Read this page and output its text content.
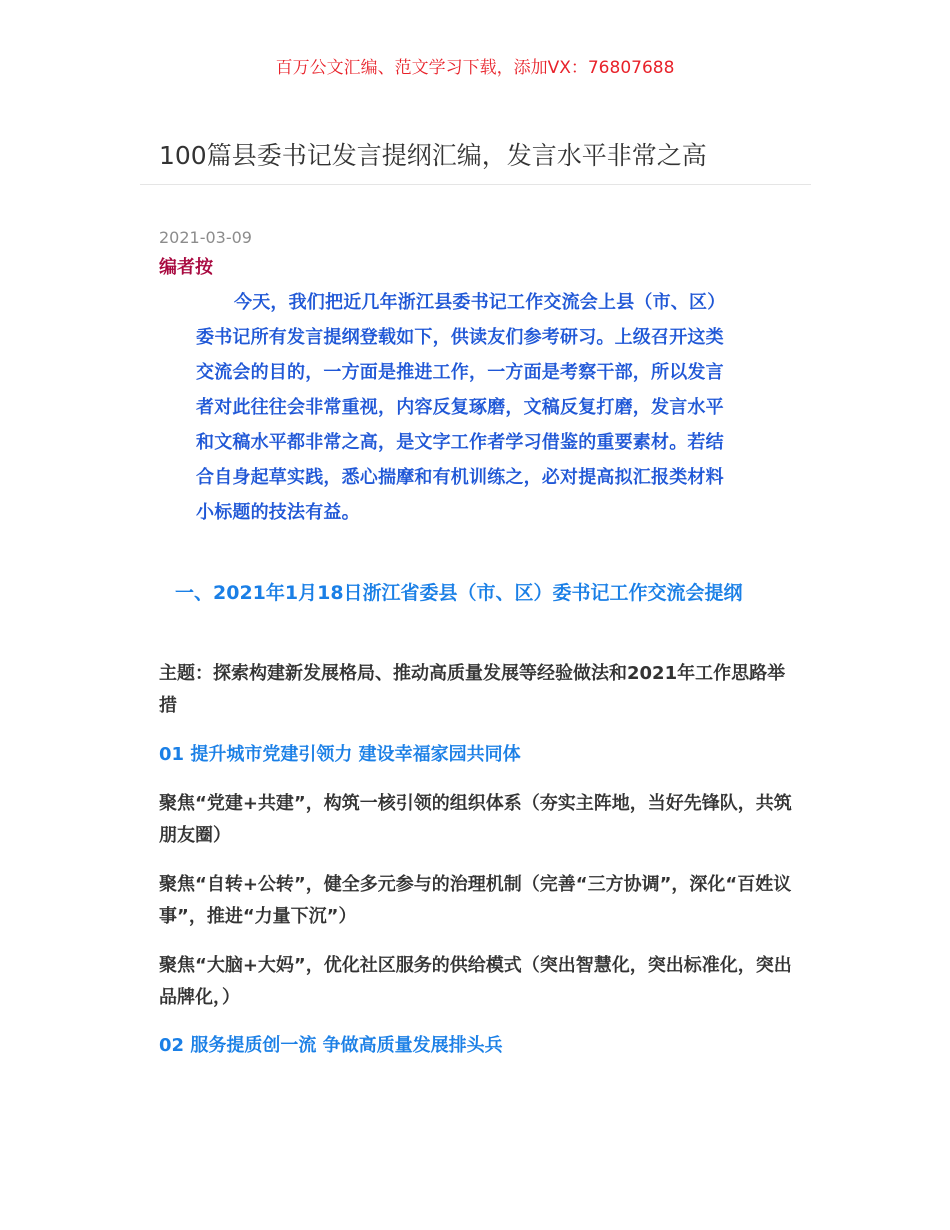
百万公文汇编、范文学习下载，添加VX：76807688
100篇县委书记发言提纲汇编，发言水平非常之高
2021-03-09
编者按

今天，我们把近几年浙江县委书记工作交流会上县（市、区）委书记所有发言提纲登载如下，供读友们参考研习。上级召开这类交流会的目的，一方面是推进工作，一方面是考察干部，所以发言者对此往往会非常重视，内容反复琢磨，文稿反复打磨，发言水平和文稿水平都非常之高，是文字工作者学习借鉴的重要素材。若结合自身起草实践，悉心揣摩和有机训练之，必对提高拟汇报类材料小标题的技法有益。

一、2021年1月18日浙江省委县（市、区）委书记工作交流会提纲

主题：探索构建新发展格局、推动高质量发展等经验做法和2021年工作思路举措

01 提升城市党建引领力 建设幸福家园共同体

聚焦“党建+共建”，构筑一核引领的组织体系（夯实主阵地，当好先锋队，共筑朋友圈）

聚焦“自转+公转”，健全多元参与的治理机制（完善“三方协调”，深化“百姓议事”，推进“力量下沉”）

聚焦“大脑+大妈”，优化社区服务的供给模式（突出智慧化，突出标准化，突出品牌化，）

02 服务提质创一流 争做高质量发展排头兵
